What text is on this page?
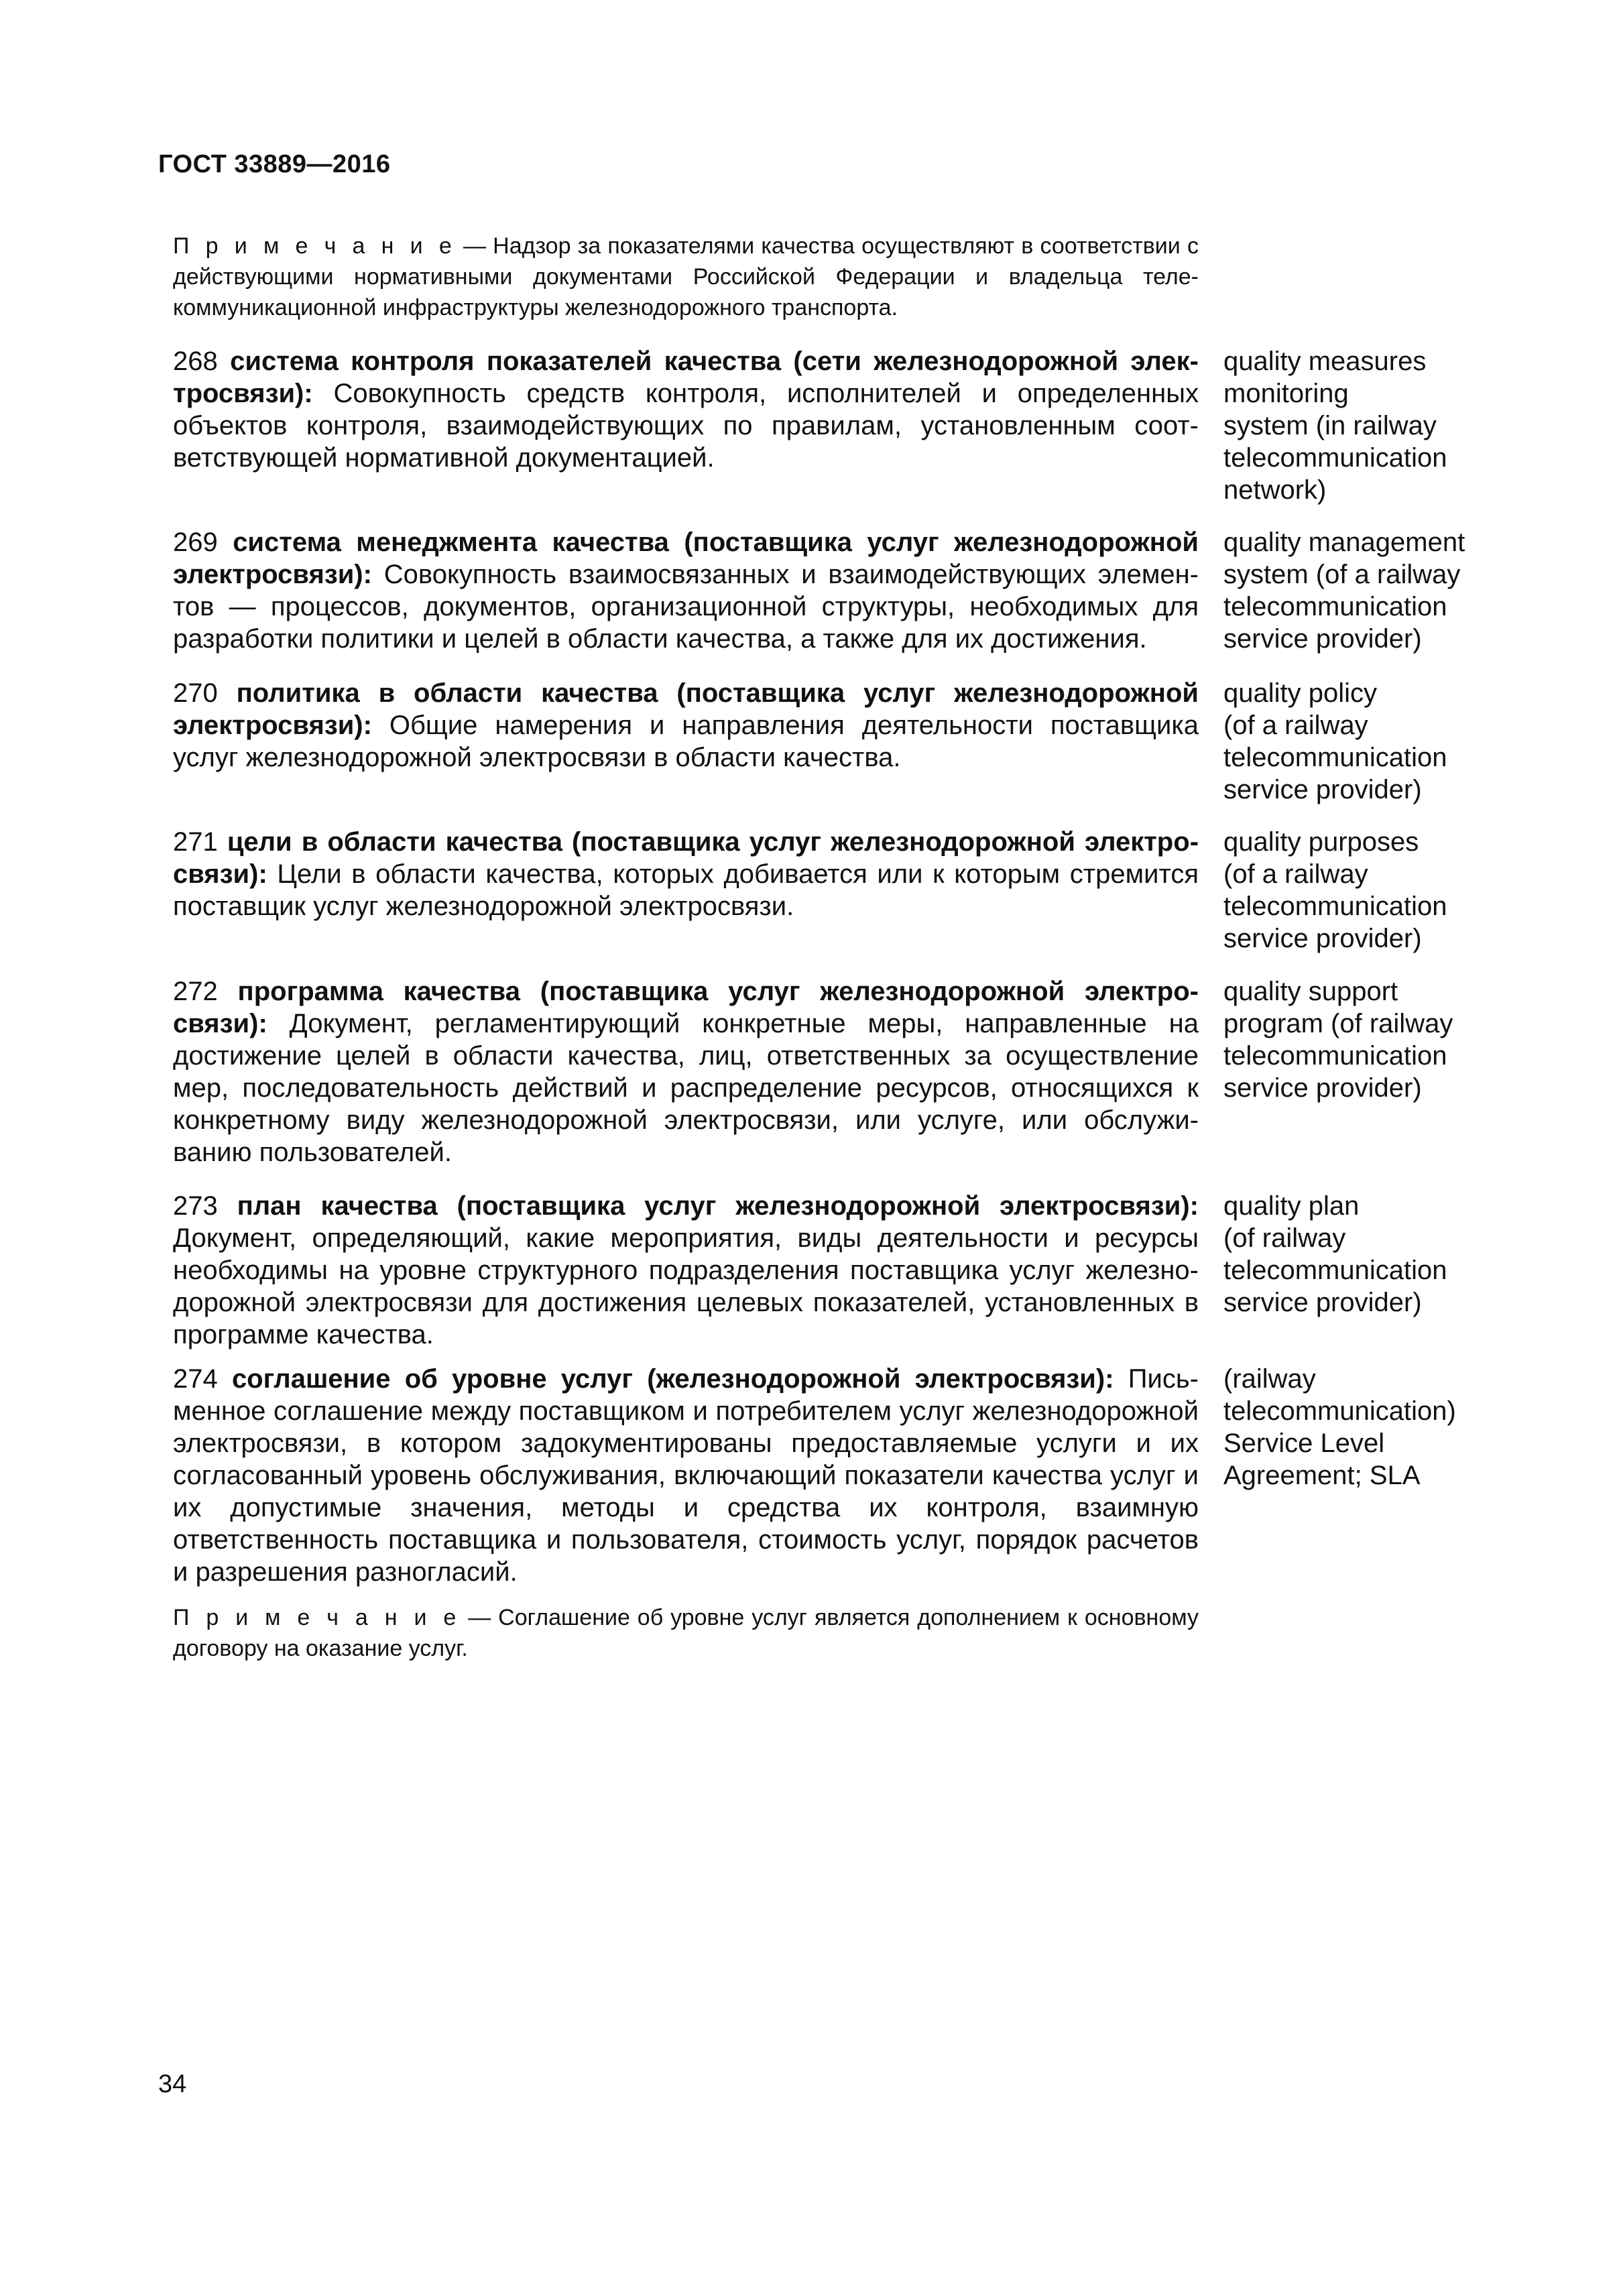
ГОСТ 33889—2016
П р и м е ч а н и е — Надзор за показателями качества осуществляют в соответствии с действующими нормативными документами Российской Федерации и владельца телекоммуникационной инфраструктуры железнодорожного транспорта.
268 система контроля показателей качества (сети железнодорожной электросвязи): Совокупность средств контроля, исполнителей и определенных объектов контроля, взаимодействующих по правилам, установленным соответствующей нормативной документацией.
quality measures
monitoring
system (in railway
telecommunication
network)
269 система менеджмента качества (поставщика услуг железнодорожной электросвязи): Совокупность взаимосвязанных и взаимодействующих элементов — процессов, документов, организационной структуры, необходимых для разработки политики и целей в области качества, а также для их достижения.
quality management
system (of a railway
telecommunication
service provider)
270 политика в области качества (поставщика услуг железнодорожной электросвязи): Общие намерения и направления деятельности поставщика услуг железнодорожной электросвязи в области качества.
quality policy
(of a railway
telecommunication
service provider)
271 цели в области качества (поставщика услуг железнодорожной электросвязи): Цели в области качества, которых добивается или к которым стремится поставщик услуг железнодорожной электросвязи.
quality purposes
(of a railway
telecommunication
service provider)
272 программа качества (поставщика услуг железнодорожной электросвязи): Документ, регламентирующий конкретные меры, направленные на достижение целей в области качества, лиц, ответственных за осуществление мер, последовательность действий и распределение ресурсов, относящихся к конкретному виду железнодорожной электросвязи, или услуге, или обслуживанию пользователей.
quality support
program (of railway
telecommunication
service provider)
273 план качества (поставщика услуг железнодорожной электросвязи): Документ, определяющий, какие мероприятия, виды деятельности и ресурсы необходимы на уровне структурного подразделения поставщика услуг железнодорожной электросвязи для достижения целевых показателей, установленных в программе качества.
quality plan
(of railway
telecommunication
service provider)
274 соглашение об уровне услуг (железнодорожной электросвязи): Письменное соглашение между поставщиком и потребителем услуг железнодорожной электросвязи, в котором задокументированы предоставляемые услуги и их согласованный уровень обслуживания, включающий показатели качества услуг и их допустимые значения, методы и средства их контроля, взаимную ответственность поставщика и пользователя, стоимость услуг, порядок расчетов и разрешения разногласий.
(railway
telecommunication)
Service Level
Agreement; SLA
П р и м е ч а н и е — Соглашение об уровне услуг является дополнением к основному договору на оказание услуг.
34
